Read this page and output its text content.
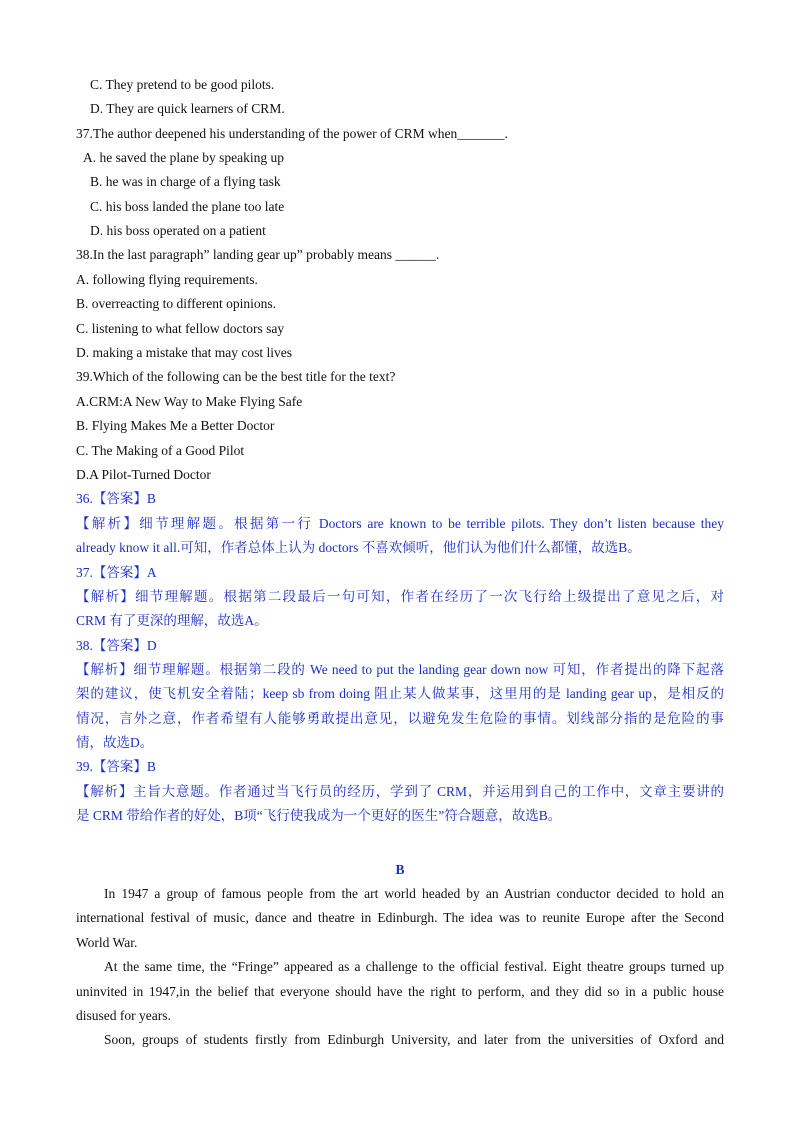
C. They pretend to be good pilots.
D. They are quick learners of CRM.
37.The author deepened his understanding of the power of CRM when_______.
A. he saved the plane by speaking up
B. he was in charge of a flying task
C. his boss landed the plane too late
D. his boss operated on a patient
38.In the last paragraph” landing gear up” probably means ______.
A. following flying requirements.
B. overreacting to different opinions.
C. listening to what fellow doctors say
D. making a mistake that may cost lives
39.Which of the following can be the best title for the text?
A.CRM:A New Way to Make Flying Safe
B. Flying Makes Me a Better Doctor
C. The Making of a Good Pilot
D.A Pilot-Turned Doctor
36.【答案】B
【解析】细节理解题。根据第一行 Doctors are known to be terrible pilots. They don’t listen because they
already know it all.可知，作者总体上认为 doctors 不喜欢倾听，他们认为他们什么都懂，故选B。
37.【答案】A
【解析】细节理解题。根据第二段最后一句可知，作者在经历了一次飞行给上级提出了意见之后，对
CRM 有了更深的理解，故选A。
38.【答案】D
【解析】细节理解题。根据第二段的 We need to put the landing gear down now 可知，作者提出的降下起落
架的建议，使飞机安全着陆；keep sb from doing 阻止某人做某事，这里用的是 landing gear up，是相反的
情况，言外之意，作者希望有人能够勇敢提出意见，以避免发生危险的事情。划线部分指的是危险的事
情，故选D。
39.【答案】B
【解析】主旨大意题。作者通过当飞行员的经历，学到了 CRM，并运用到自己的工作中，文章主要讲的
是 CRM 带给作者的好处，B项“飞行使我成为一个更好的医生”符合题意，故选B。
B
In 1947 a group of famous people from the art world headed by an Austrian conductor decided to hold an
international festival of music, dance and theatre in Edinburgh. The idea was to reunite Europe after the Second
World War.
At the same time, the “Fringe” appeared as a challenge to the official festival. Eight theatre groups turned up
uninvited in 1947,in the belief that everyone should have the right to perform, and they did so in a public house
disused for years.
Soon, groups of students firstly from Edinburgh University, and later from the universities of Oxford and
